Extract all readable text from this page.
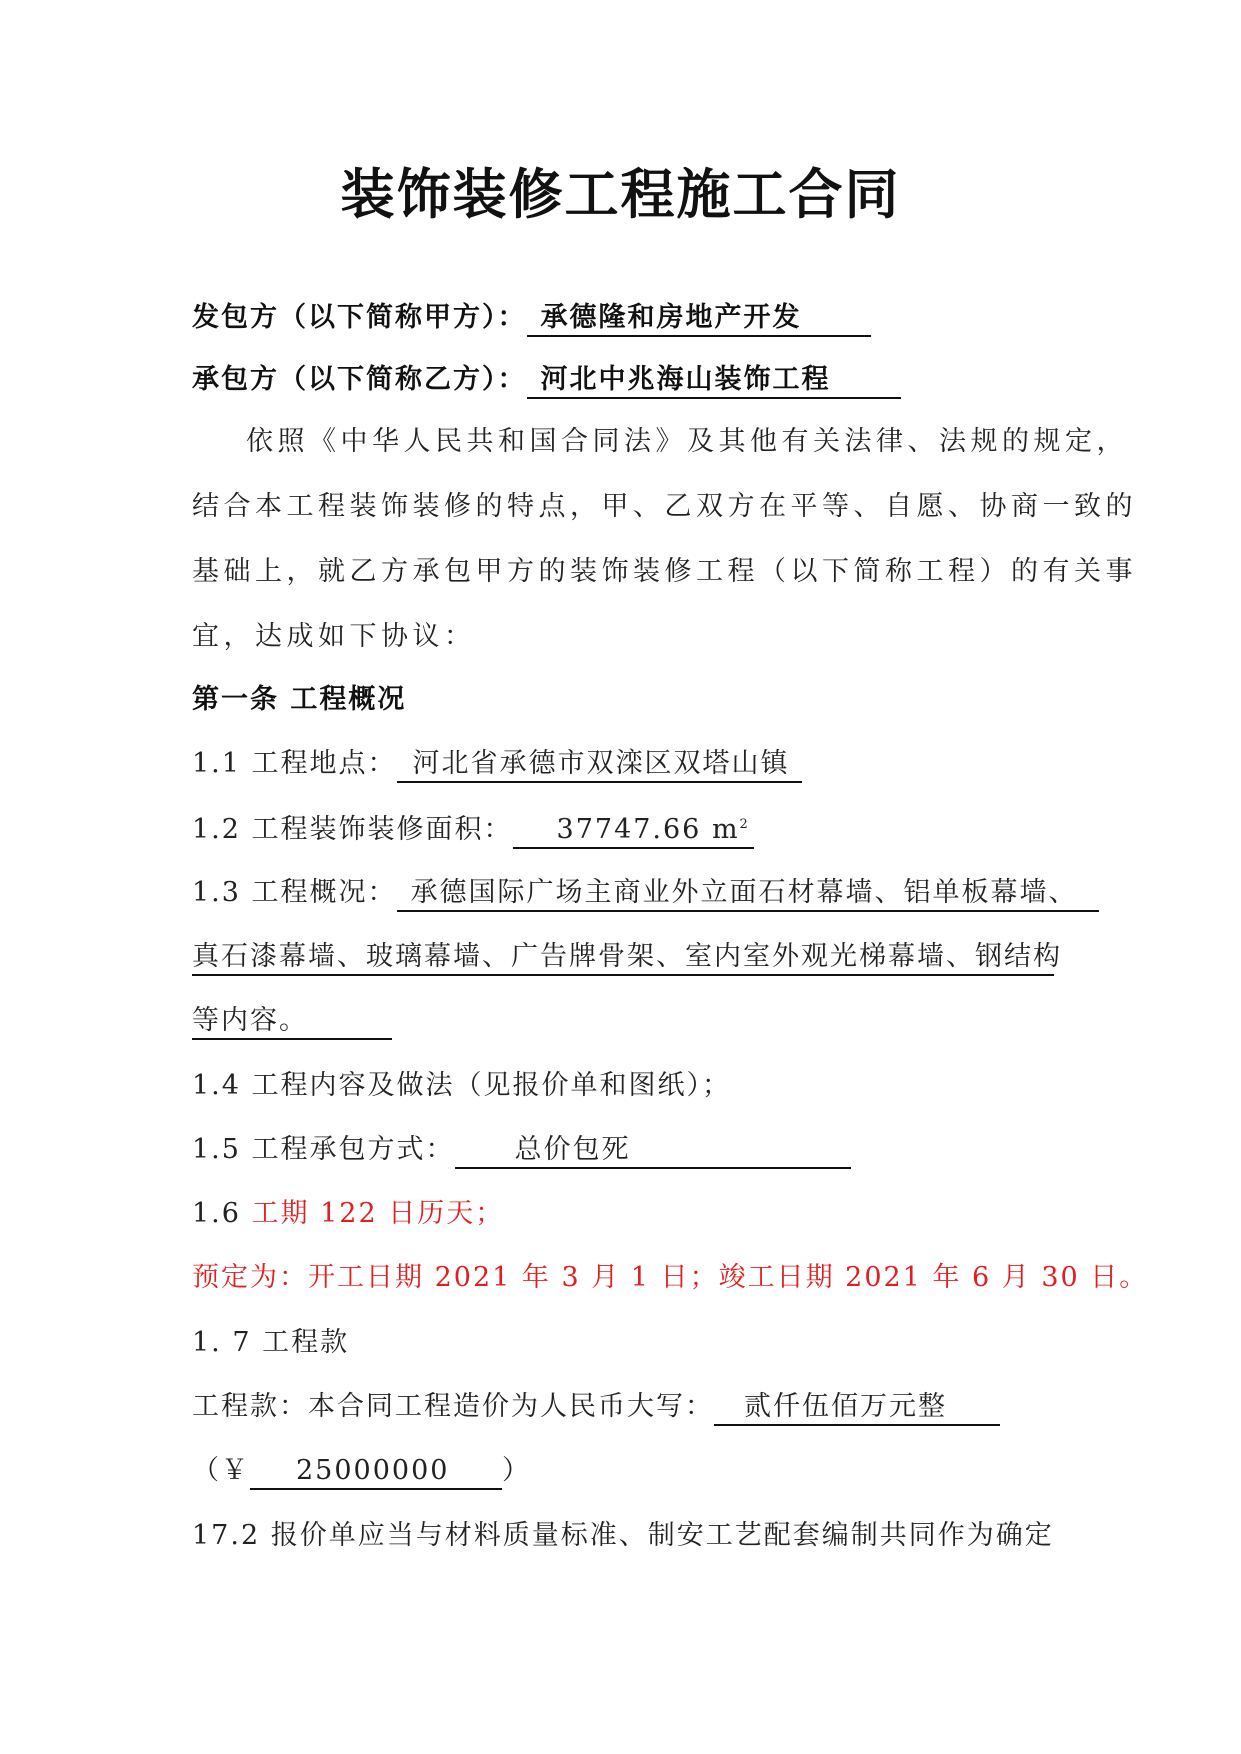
装饰装修工程施工合同
发包方（以下简称甲方）： 承德隆和房地产开发
承包方（以下简称乙方）： 河北中兆海山装饰工程
依照《中华人民共和国合同法》及其他有关法律、法规的规定，
结合本工程装饰装修的特点，甲、乙双方在平等、自愿、协商一致的
基础上，就乙方承包甲方的装饰装修工程（以下简称工程）的有关事
宜，达成如下协议：
第一条 工程概况
1.1 工程地点： 河北省承德市双滦区双塔山镇
1.2 工程装饰装修面积： 37747.66 $m^2$
1.3 工程概况： 承德国际广场主商业外立面石材幕墙、铝单板幕墙、
真石漆幕墙、玻璃幕墙、广告牌骨架、室内室外观光梯幕墙、钢结构
等内容。
1.4 工程内容及做法（见报价单和图纸）；
1.5 工程承包方式： 总价包死
1.6 工期 122 日历天；
预定为：开工日期 2021 年 3 月 1 日；竣工日期 2021 年 6 月 30 日。
1. 7 工程款
工程款：本合同工程造价为人民币大写： 贰仟伍佰万元整
（￥ 25000000 ）
17.2 报价单应当与材料质量标准、制安工艺配套编制共同作为确定
